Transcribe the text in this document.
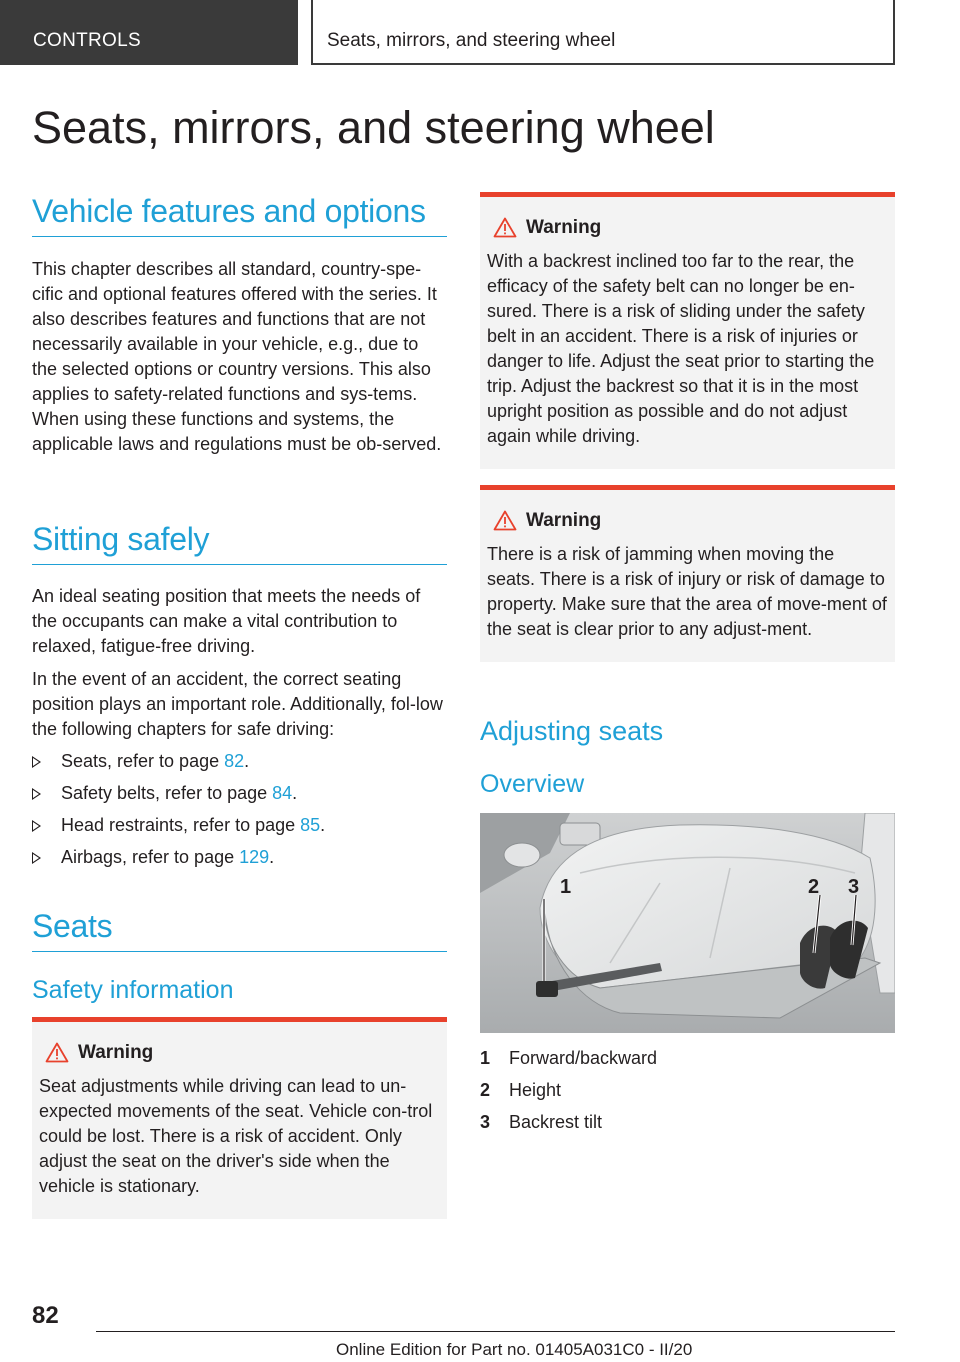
CONTROLS	Seats, mirrors, and steering wheel
Seats, mirrors, and steering wheel
Vehicle features and options

This chapter describes all standard, country-spe-cific and optional features offered with the series. It also describes features and functions that are not necessarily available in your vehicle, e.g., due to the selected options or country versions. This also applies to safety-related functions and sys-tems. When using these functions and systems, the applicable laws and regulations must be ob-served.

Sitting safely

An ideal seating position that meets the needs of the occupants can make a vital contribution to relaxed, fatigue-free driving.

In the event of an accident, the correct seating position plays an important role. Additionally, fol-low the following chapters for safe driving:

Seats, refer to page 82.
Safety belts, refer to page 84.
Head restraints, refer to page 85.
Airbags, refer to page 129.
Seats
Safety information
Warning

Seat adjustments while driving can lead to un-expected movements of the seat. Vehicle con-trol could be lost. There is a risk of accident. Only adjust the seat on the driver's side when the vehicle is stationary.

Warning

With a backrest inclined too far to the rear, the efficacy of the safety belt can no longer be en-sured. There is a risk of sliding under the safety belt in an accident. There is a risk of injuries or danger to life. Adjust the seat prior to starting the trip. Adjust the backrest so that it is in the most upright position as possible and do not adjust again while driving.

Warning

There is a risk of jamming when moving the seats. There is a risk of injury or risk of damage to property. Make sure that the area of move-ment of the seat is clear prior to any adjust-ment.

Adjusting seats
Overview
1	2 3
1 Forward/backward
2 Height
3 Backrest tilt
82
Online Edition for Part no. 01405A031C0 - II/20
